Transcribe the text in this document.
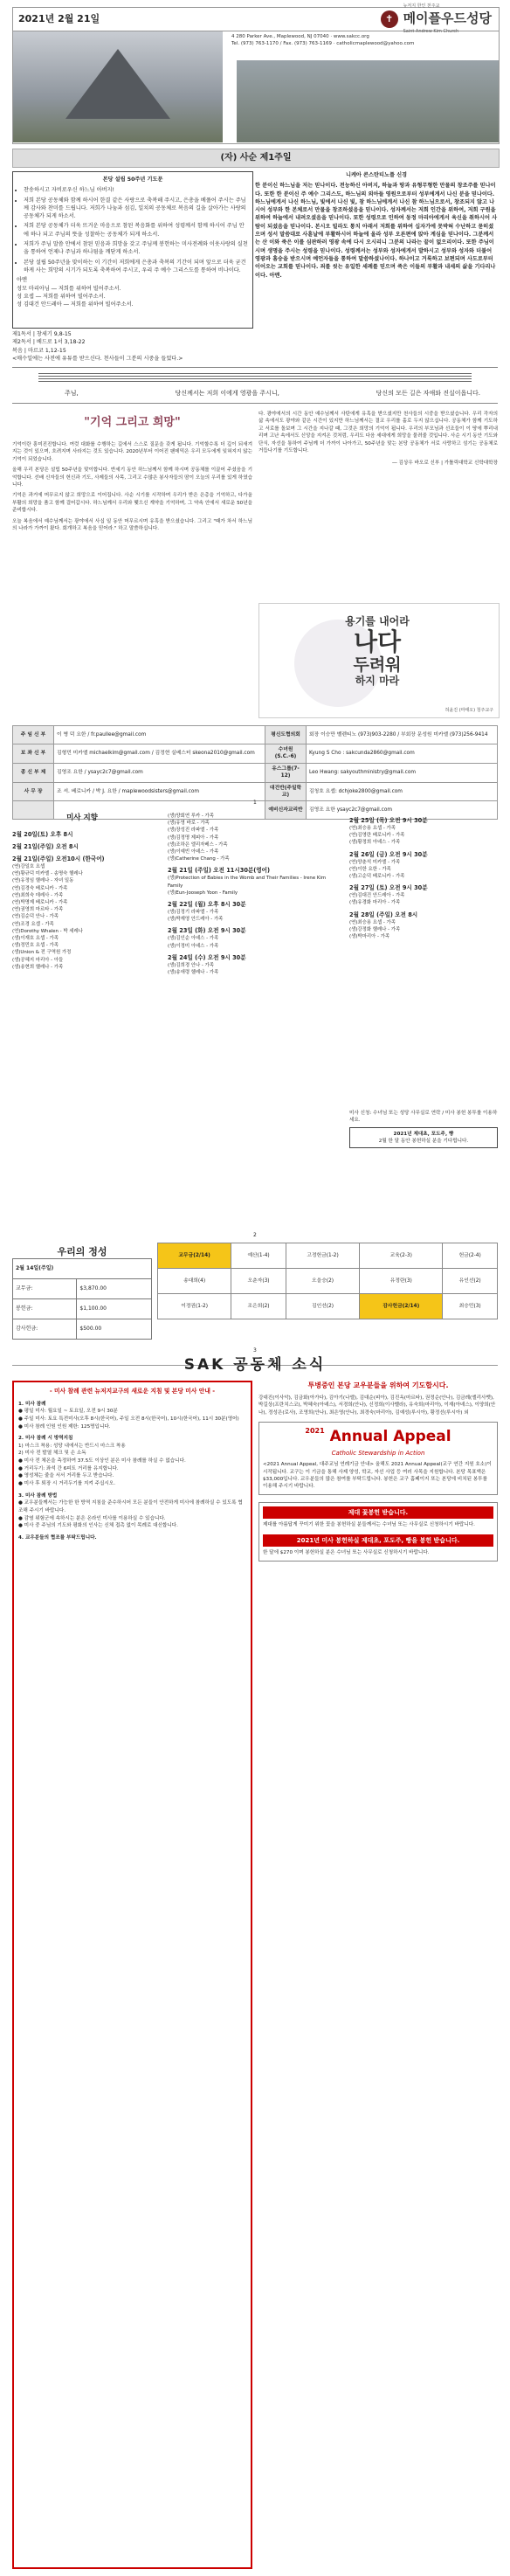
2021년 2월 21일	✝
뉴저지 한인 천주교
메이플우드성당
Saint Andrew Kim Church
4 280 Parker Ave., Maplewood, NJ 07040 · www.sakcc.org
Tel. (973) 763-1170 / Fax. (973) 763-1169 · catholicmaplewood@yahoo.com
(자) 사순 제1주일
본당 설립 50주년 기도문
• 찬송하시고 자비로우신 하느님 아버지!
• 저희 본당 공동체와 함께 하시어 한결 같은 사랑으로 축복해 주시고, 은총을 베풀어 주시는 주님께 감사와 찬미를 드립니다. 저희가 나눔과 섬김, 일치의 공동체로 복음의 길을 살아가는 사랑의 공동체가 되게 하소서.
• 저희 본당 공동체가 더욱 뜨거운 마음으로 참된 복음화를 위하여 성령께서 함께 하시어 주님 안에 하나 되고 주님의 뜻을 성찰하는 공동체가 되게 하소서.
• 저희가 주님 말씀 안에서 참된 믿음과 희망을 갖고 주님께 봉헌하는 미사전례와 이웃사랑의 실천을 통하여 언제나 주님과 하나됨을 깨닫게 하소서.
• 본당 설립 50주년을 맞이하는 이 기간이 저희에게 은총과 축복의 기간이 되며 앞으로 더욱 굳건하게 사는 희망의 시기가 되도록 축복하여 주시고, 우리 주 예수 그리스도를 통하여 비나이다.
아멘
성모 마리아님 ― 저희를 위하여 빌어주소서.
성 요셉 ― 저희를 위하여 빌어주소서.
성 김대건 안드레아 ― 저희를 위하여 빌어주소서.
니케아 콘스탄티노플 신경
한 분이신 하느님을 저는 믿나이다. 전능하신 아버지, 하늘과 땅과 유형무형한 만물의 창조주를 믿나이다. 또한 한 분이신 주 예수 그리스도, 하느님의 외아들 영원으로부터 성부에게서 나신 분을 믿나이다. 하느님에게서 나신 하느님, 빛에서 나신 빛, 참 하느님에게서 나신 참 하느님으로서, 창조되지 않고 나시어 성부와 한 본체로서 만물을 창조하셨음을 믿나이다. 성자께서는 저희 인간을 위하여, 저희 구원을 위하여 하늘에서 내려오셨음을 믿나이다. 또한 성령으로 인하여 동정 마리아에게서 육신을 취하시어 사람이 되셨음을 믿나이다. 본시오 빌라도 통치 아래서 저희를 위하여 십자가에 못박혀 수난하고 묻히셨으며 성서 말씀대로 사흗날에 부활하시어 하늘에 올라 성부 오른편에 앉아 계심을 믿나이다. 그분께서는 산 이와 죽은 이를 심판하러 영광 속에 다시 오시리니 그분의 나라는 끝이 없으리이다. 또한 주님이시며 생명을 주시는 성령을 믿나이다. 성령께서는 성부와 성자에게서 발하시고 성부와 성자와 더불어 영광과 흠숭을 받으시며 예언자들을 통하여 말씀하셨나이다. 하나이고 거룩하고 보편되며 사도로부터 이어오는 교회를 믿나이다. 죄를 씻는 유일한 세례를 믿으며 죽은 이들의 부활과 내세의 삶을 기다리나이다. 아멘.
제1독서 | 창세기 9,8-15
제2독서 | 베드로 1서 3,18-22
복음 | 마르코 1,12-15
<매수일에는 사전에 유튜를 받으신다. 천사들이 그분의 시중을 들었다.>
주님,	당신께서는 저희 이에게 영광을 주시니,	당신의 모든 길은 자애와 진실이옵니다.
"기억 그리고 희망"

기억이란 흥미진진합니다. 여럿 대화를 수행하는 길에서 스스로 질문을 갖게 됩니다. 기억할수록 더 깊이 되새겨지는 것이 있으며, 흐려지며 사라지는 것도 있습니다. 2020년부터 이어진 팬데믹은 우리 모두에게 잊혀지지 않는 기억이 되었습니다.

올해 우리 본당은 설립 50주년을 맞이합니다. 반세기 동안 하느님께서 함께 하시며 공동체를 이끌어 주셨음을 기억합니다. 선배 신자들의 헌신과 기도, 사제들의 사목, 그리고 수많은 봉사자들의 땀이 오늘의 우리를 있게 하였습니다.

기억은 과거에 머무르지 않고 희망으로 이어집니다. 사순 시기를 시작하며 우리가 받은 은총을 기억하고, 다가올 부활의 희망을 품고 함께 걸어갑시다. 하느님께서 우리와 맺으신 계약을 기억하며, 그 약속 안에서 새로운 50년을 준비합시다.

오늘 복음에서 예수님께서는 광야에서 사십 일 동안 머무르시며 유혹을 받으셨습니다. 그리고 "때가 차서 하느님의 나라가 가까이 왔다. 회개하고 복음을 믿어라." 하고 말씀하십니다.

다. 광야에서의 시간 동안 예수님께서 사탄에게 유혹을 받으셨지만 천사들의 시중을 받으셨습니다. 우리 각자의 삶 속에서도 광야와 같은 시간이 있지만 하느님께서는 결코 우리를 홀로 두지 않으십니다. 공동체가 함께 기도하고 서로를 돌보며 그 시간을 지나갈 때, 그것은 희망의 기억이 됩니다. 우리의 부모님과 선조들이 이 땅에 뿌리내리며 고난 속에서도 신앙을 지켜온 것처럼, 우리도 다음 세대에게 희망을 물려줄 것입니다. 사순 시기 동안 기도와 단식, 자선을 통하여 주님께 더 가까이 나아가고, 50주년을 맞는 본당 공동체가 서로 사랑하고 섬기는 공동체로 거듭나기를 기도합니다.

― 김상우 바오로 신부 | 가톨릭대학교 신학대학장

용기를 내어라
나다
두려워
하지 마라
허윤진 (마태오) 청주교구
주 임 신 부	이 병 덕 요한 / fr.paullee@gmail.com	평신도협의회	회장 이승만 벨렌티노 (973)903-2280 / 부회장 문성원 미카엘 (973)256-9414
보 좌 신 부	김형민 미카엘 michaelkim@gmail.com / 김정현 실베스터 skeona2010@gmail.com	수녀원(S.C.-6)	Kyung S Cho : sakcunda2860@gmail.com
종 신 부 제	김영조 요한 / ysayc2c7@gmail.com	유스그룹(7-12)	Leo Hwang: sakyouthministry@gmail.com
사 무 장	조 셔. 베로니카 / 박 J. 요한 / maplewoodsisters@gmail.com	대건반(주일학교)	김청호 요셉: dchjoke2800@gmail.com
		예비신자교리반	김영조 요한 ysayc2c7@gmail.com
미사 지향
2월 20일(토) 오후 8시
2월 21일(주일) 오전 8시
2월 21일(주일) 오전10시 (한국어)
(연)강일호 요셉
(연)황규덕 미카엘 - 송명숙 헬레나
(연)유정임 헬레나 - 자녀 일동
(연)김경숙 베로니카 - 가족
(연)최희숙 데레사 - 가족
(연)박명제 베로니카 - 가족
(연)권영희 마르타 - 가족
(연)김순덕 안나 - 가족
(연)조경 요셉 - 가족
(연)Dorothy Whalen - 박 세레나
(생)이재호 요셉 - 가족
(생)정민호 요셉 - 가족
(생)Union & 전 구역원 가정
(생)공혜지 마리아 - 아들
(생)송현희 헬레나 - 가족
(생)양회연 루카 - 가족
(생)유영 바로 - 가족
(생)장성진 라파엘 - 가족
(생)김정명 제피아 - 가족
(생)조하은 엘리자베스 - 가족
(생)이예빈 아녜스 - 가족
(생)Catherine Chang - 가족
2월 21일 (주일) 오전 11시30분(영어)
(생)Protection of Babies in the Womb and Their Families - Irene Kim Family
(생)Eun-Jooseph Yoon - Family
2월 22일 (월) 오후 8시 30분
(생)김정기 라파엘 - 가족
(생)박재영 안드레아 - 가족
2월 23일 (화) 오전 9시 30분
(생)김인순 아녜스 - 가족
(생)이정미 아녜스 - 가족
2월 24일 (수) 오전 9시 30분
(생)김희경 안나 - 가족
(생)송애령 헬레나 - 가족
2월 25일 (목) 오전 9시 30분
(연)최승용 요셉 - 가족
(연)김영란 베로니카 - 가족
(생)황정희 아녜스 - 가족
2월 26일 (금) 오전 9시 30분
(연)양춘석 미카엘 - 가족
(연)이한 요한 - 가족
(생)고순덕 베로니카 - 가족
2월 27일 (토) 오전 9시 30분
(연)김대건 안드레아 - 가족
(생)유경화 마리아 - 가족
2월 28일 (주일) 오전 8시
(연)최승용 요셉 - 가족
(생)강정화 헬레나 - 가족
(생)박마리아 - 가족
미사 신청: 수녀님 또는 성당 사무실로 연락 / 미사 봉헌 봉투를 이용하세요.
2021년 제대초, 포도주, 빵
2월 한 달 동안 봉헌하실 분을 기다립니다.
우리의 정성
2월 14일(주일)	
교무금:	$3,870.00
봉헌금:	$1,100.00
감사헌금:	$500.00
교무금(2/14)	예산(1-4)	고정헌금(1-2)	교육(2-3)	헌금(2-4)
송대희(4)	오춘자(3)	오을승(2)	유정란(3)	유인선(2)
이정권(1-2)	조은희(2)	김인선(2)	감사헌금(2/14)	최승민(3)
SAK 공동체 소식
- 미사 참례 관련 뉴저지교구의 새로운 지침 및 본당 미사 안내 -
1. 미사 참례
● 평일 미사: 월요일 ~ 토요일, 오전 9시 30분
● 주일 미사: 토요 특전미사(오후 8시(한국어), 주일 오전 8시(한국어), 10시(한국어), 11시 30분(영어)
● 미사 참례 인원 인원 제한: 125명입니다.
2. 미사 참례 시 방역지침
1) 마스크 착용: 성당 내에서는 반드시 마스크 착용
2) 미사 전 발열 체크 및 손 소독
● 미사 전 체온을 측정하여 37.5도 이상인 분은 미사 참례를 하실 수 없습니다.
● 거리두기: 좌석 간 6피트 거리를 유지합니다.
● 영성체는 줄을 서서 거리를 두고 받습니다.
● 미사 후 퇴장 시 거리두기를 지켜 주십시오.
3. 미사 참례 방법
● 교우분들께서는 가능한 한 방역 지침을 준수하시어 모든 분들이 안전하게 미사에 참례하실 수 있도록 협조해 주시기 바랍니다.
● 감염 위험군에 속하시는 분은 온라인 미사를 이용하실 수 있습니다.
● 미사 중 주님의 기도와 평화의 인사는 신체 접촉 없이 목례로 대신합니다.
4. 교우분들의 협조를 부탁드립니다.
투병중인 본당 교우분들을 위하여 기도합시다.
강대진(이사악), 김금화(아가다), 김아기(나엘), 김대순(피아), 김진옥(마르타), 권정순(안나), 김금례(엘리사벳), 박길상(프란치스코), 박혜숙(아녜스), 서경희(안나), 신정희(이사벨라), 유숙희(마리아), 이재(아녜스), 이양희(안나), 정성은(로사), 조영희(안나), 최은영(안나), 최경숙(마리아), 김예성(루시아), 황정선(루시아) 외
$^{2021}$ Annual Appeal
Catholic Stewardship in Action
<2021 Annual Appeal, 대주교님 연례기금 안내> 올해도 2021 Annual Appeal(교구 연간 지원 호소)이 시작됩니다. 교구는 이 기금을 통해 사제 양성, 학교, 자선 사업 등 여러 사목을 지원합니다. 본당 목표액은 $33,000입니다. 교우분들의 많은 참여를 부탁드립니다. 봉헌은 교구 홈페이지 또는 본당에 비치된 봉투를 이용해 주시기 바랍니다.
제대 꽃봉헌 받습니다.
제대를 아름답게 꾸미기 위한 꽃을 봉헌하실 분들께서는 수녀님 또는 사무실로 신청하시기 바랍니다.
2021년 미사 봉헌하실 제대초, 포도주, 빵을 봉헌 받습니다.
한 달에 $270 이며 봉헌하실 분은 수녀님 또는 사무실로 신청하시기 바랍니다.
1
2
3
